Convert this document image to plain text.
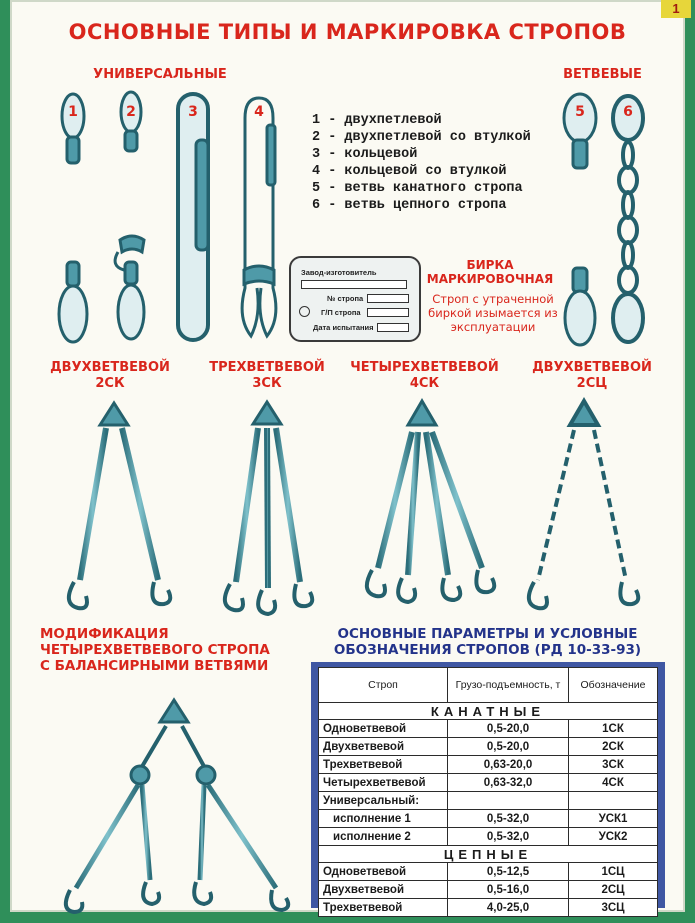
1
ОСНОВНЫЕ ТИПЫ И МАРКИРОВКА СТРОПОВ
УНИВЕРСАЛЬНЫЕ	ВЕТВЕВЫЕ
1	2	3	4	5	6
1 - двухпетлевой
2 - двухпетлевой со втулкой
3 - кольцевой
4 - кольцевой со втулкой
5 - ветвь канатного стропа
6 - ветвь цепного стропа
Завод-изготовитель
№ стропа
Г/П стропа
Дата испытания
БИРКА МАРКИРОВОЧНАЯ
Строп с утраченной биркой изымается из эксплуатации
ДВУХВЕТВЕВОЙ
2СК
ТРЕХВЕТВЕВОЙ
3СК
ЧЕТЫРЕХВЕТВЕВОЙ
4СК
ДВУХВЕТВЕВОЙ
2СЦ
МОДИФИКАЦИЯ
ЧЕТЫРЕХВЕТВЕВОГО СТРОПА
С БАЛАНСИРНЫМИ ВЕТВЯМИ
ОСНОВНЫЕ ПАРАМЕТРЫ И УСЛОВНЫЕ
ОБОЗНАЧЕНИЯ СТРОПОВ (РД 10-33-93)
Строп	Грузо-подъемность, т	Обозначение
КАНАТНЫЕ		
Одноветвевой	0,5-20,0	1СК
Двухветвевой	0,5-20,0	2СК
Трехветвевой	0,63-20,0	3СК
Четырехветвевой	0,63-32,0	4СК
Универсальный:		
исполнение 1	0,5-32,0	УСК1
исполнение 2	0,5-32,0	УСК2
ЦЕПНЫЕ		
Одноветвевой	0,5-12,5	1СЦ
Двухветвевой	0,5-16,0	2СЦ
Трехветвевой	4,0-25,0	3СЦ
